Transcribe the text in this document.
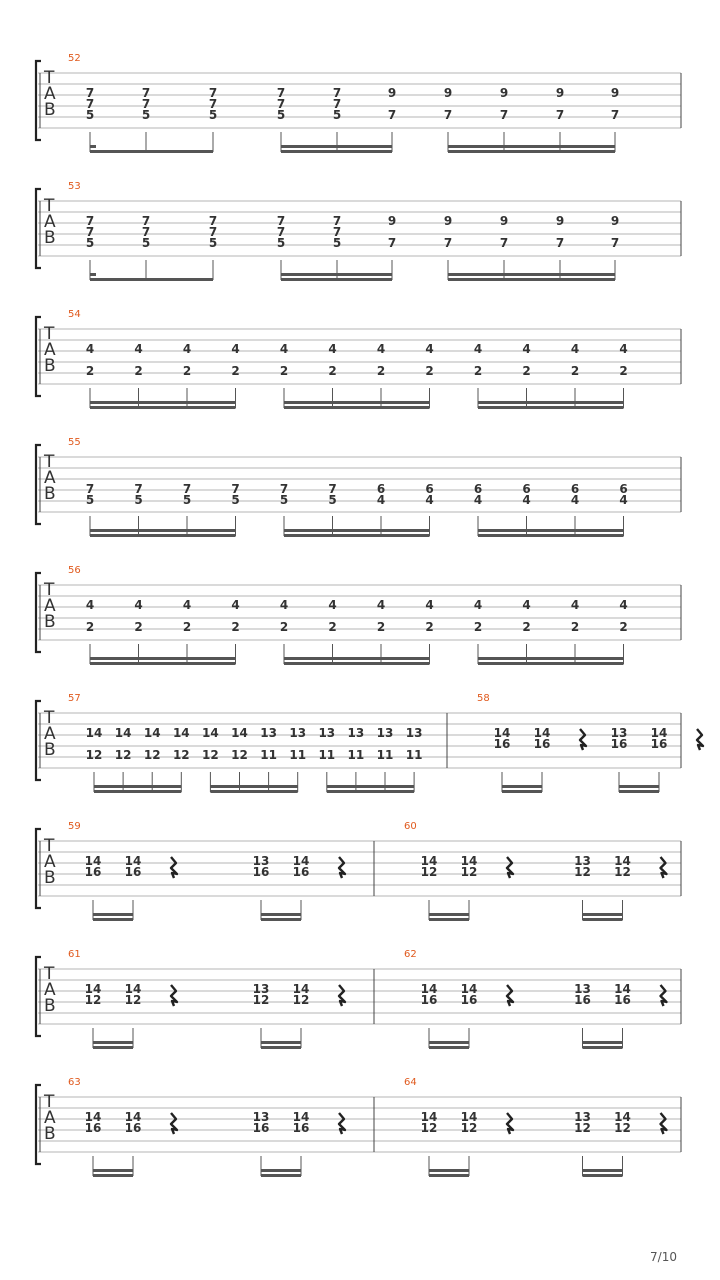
T
A
B
52
7
7
5
7
7
5
7
7
5
7
7
5
7
7
5
9
7
9
7
9
7
9
7
9
7
T
A
B
53
7
7
5
7
7
5
7
7
5
7
7
5
7
7
5
9
7
9
7
9
7
9
7
9
7
T
A
B
54
4
2
4
2
4
2
4
2
4
2
4
2
4
2
4
2
4
2
4
2
4
2
4
2
T
A
B
55
7
5
7
5
7
5
7
5
7
5
7
5
6
4
6
4
6
4
6
4
6
4
6
4
T
A
B
56
4
2
4
2
4
2
4
2
4
2
4
2
4
2
4
2
4
2
4
2
4
2
4
2
T
A
B
57
14
12
14
12
14
12
14
12
14
12
14
12
13
11
13
11
13
11
13
11
13
11
13
11
58
14
16
14
16
13
16
14
16
T
A
B
59
14
16
14
16
13
16
14
16
60
14
12
14
12
13
12
14
12
T
A
B
61
14
12
14
12
13
12
14
12
62
14
16
14
16
13
16
14
16
T
A
B
63
14
16
14
16
13
16
14
16
64
14
12
14
12
13
12
14
12
7/10
